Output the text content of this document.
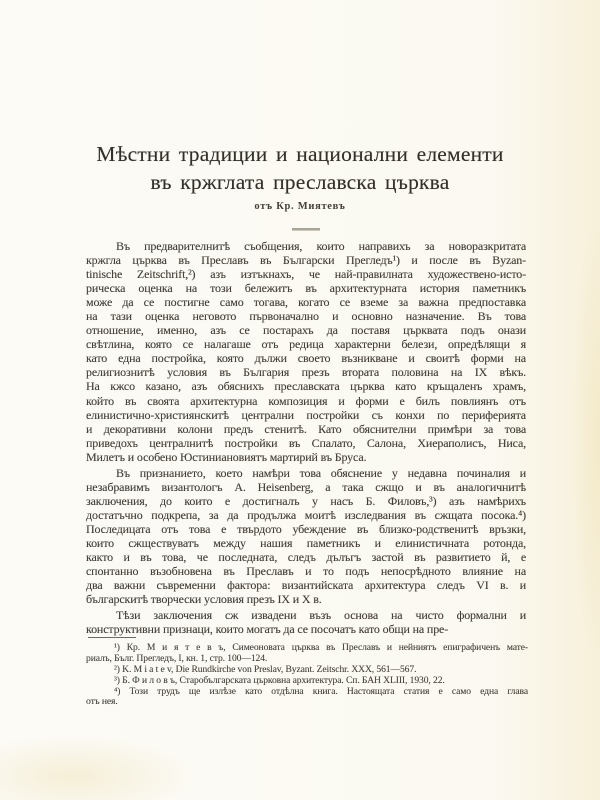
Мѣстни традиции и национални елементи
въ кржглата преславска църква
отъ Кр. Миятевъ
Въ предварителнитѣ съобщения, които направихъ за новоразкритата
кржгла църква въ Преславъ въ Български Прегледъ¹) и после въ Byzan-
tinische Zeitschrift,²) азъ изтъкнахъ, че най-правилната художествено-исто-
рическа оценка на този бележитъ въ архитектурната история паметникъ
може да се постигне само тогава, когато се вземе за важна предпоставка
на тази оценка неговото първоначално и основно назначение. Въ това
отношение, именно, азъ се постарахъ да поставя църквата подъ онази
свѣтлина, която се налагаше отъ редица характерни белези, опредѣлящи я
като една постройка, която дължи своето възникване и своитѣ форми на
религиознитѣ условия въ България презъ втората половина на IX вѣкъ.
На кжсо казано, азъ обяснихъ преславската църква като кръщаленъ храмъ,
който въ своята архитектурна композиция и форми е билъ повлиянъ отъ
елинистично-християнскитѣ централни постройки съ конхи по периферията
и декоративни колони предъ стенитѣ. Като обяснителни примѣри за това
приведохъ централнитѣ постройки въ Спалато, Салона, Хиераполисъ, Ниса,
Милетъ и особено Юстиниановиятъ мартирий въ Бруса.
Въ признанието, което намѣри това обяснение у недавна починалия и
незабравимъ византологъ А. Heisenberg, а така сжщо и въ аналогичнитѣ
заключения, до които е достигналъ у насъ Б. Филовъ,³) азъ намѣрихъ
достатъчно подкрепа, за да продължа моитѣ изследвания въ сжщата посока.⁴)
Последицата отъ това е твърдото убеждение въ близко-родственитѣ връзки,
които сжществуватъ между нашия паметникъ и елинистичната ротонда,
както и въ това, че последната, следъ дълъгъ застой въ развитието й, е
спонтанно възобновена въ Преславъ и то подъ непосрѣдното влияние на
два важни съвременни фактора: византийската архитектура следъ VI в. и
българскитѣ творчески условия презъ IX и X в.
Тѣзи заключения сж извадени възъ основа на чисто формални и
конструктивни признаци, които могатъ да се посочатъ като общи на пре-
¹) Кр. М и я т е в ъ, Симеоновата църква въ Преславъ и нейниятъ епиграфиченъ мате-
риалъ, Бълг. Прегледъ, I, кн. 1, стр. 100—124.
²) K. M i a t e v, Die Rundkirche von Preslav, Byzant. Zeitschr. XXX, 561—567.
³) Б. Ф и л о в ъ, Старобългарската църковна архитектура. Сп. БАН XLIII, 1930, 22.
⁴) Този трудъ ще излѣзе като отдѣлна книга. Настоящата статия е само една глава
отъ нея.
